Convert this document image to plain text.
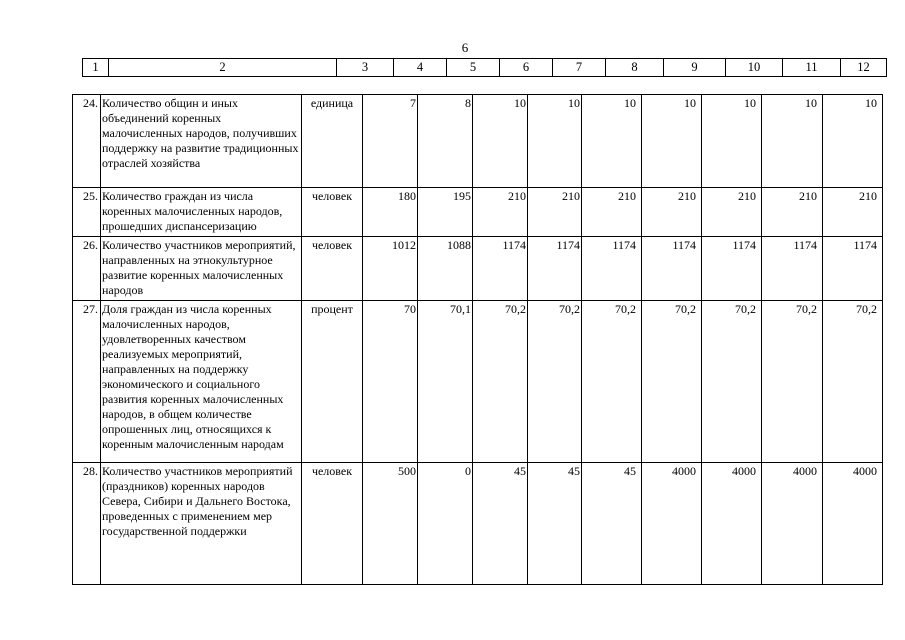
6
1	2	3	4	5	6	7	8	9	10	11	12
24.	Количество общин и иных объединений коренных малочисленных народов, получивших поддержку на развитие традиционных отраслей хозяйства	единица	7	8	10	10	10	10	10	10	10
25.	Количество граждан из числа коренных малочисленных народов, прошедших диспансеризацию	человек	180	195	210	210	210	210	210	210	210
26.	Количество участников мероприятий, направленных на этнокультурное развитие коренных малочисленных народов	человек	1012	1088	1174	1174	1174	1174	1174	1174	1174
27.	Доля граждан из числа коренных малочисленных народов, удовлетворенных качеством реализуемых мероприятий, направленных на поддержку экономического и социального развития коренных малочисленных народов, в общем количестве опрошенных лиц, относящихся к коренным малочисленным народам	процент	70	70,1	70,2	70,2	70,2	70,2	70,2	70,2	70,2
28.	Количество участников мероприятий (праздников) коренных народов Севера, Сибири и Дальнего Востока, проведенных с применением мер государственной поддержки	человек	500	0	45	45	45	4000	4000	4000	4000
